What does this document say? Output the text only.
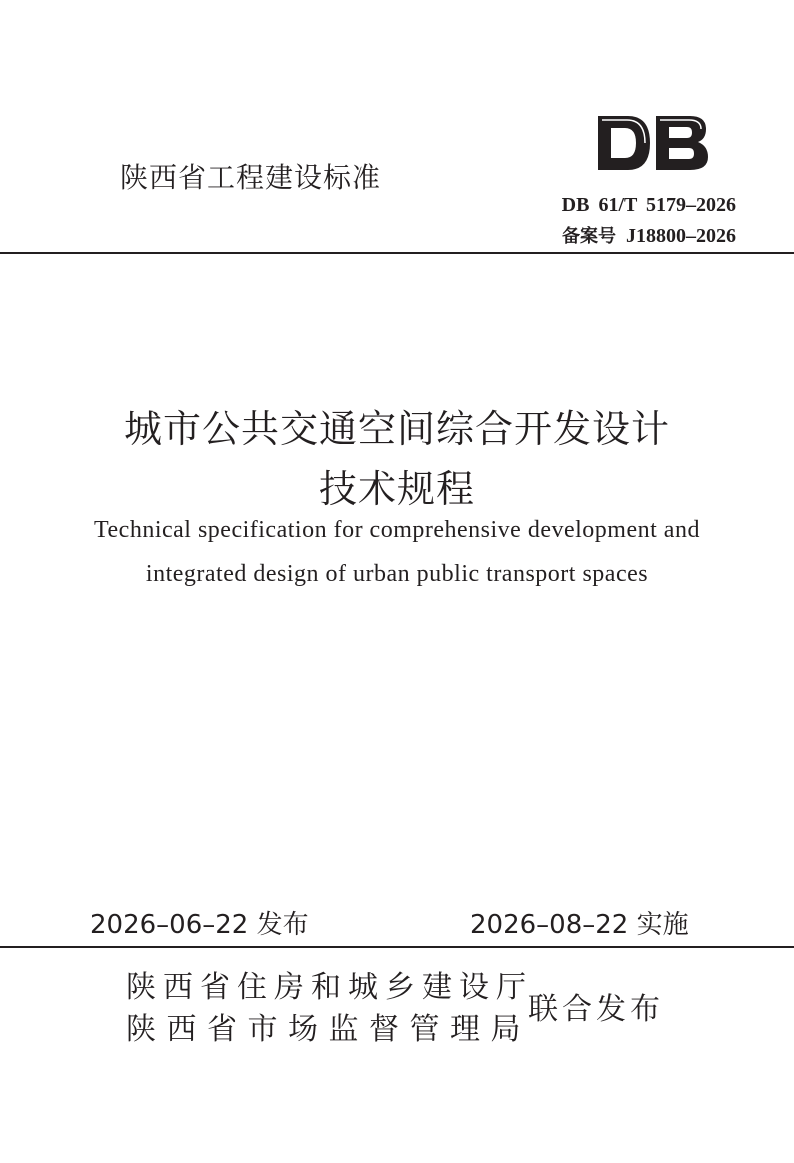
陕西省工程建设标准
DB 61/T 5179–2026
备案号 J18800–2026
城市公共交通空间综合开发设计
技术规程
Technical specification for comprehensive development and
integrated design of urban public transport spaces
2026–06–22 发布	2026–08–22 实施
陕西省住房和城乡建设厅
陕西省市场监督管理局
联合发布
